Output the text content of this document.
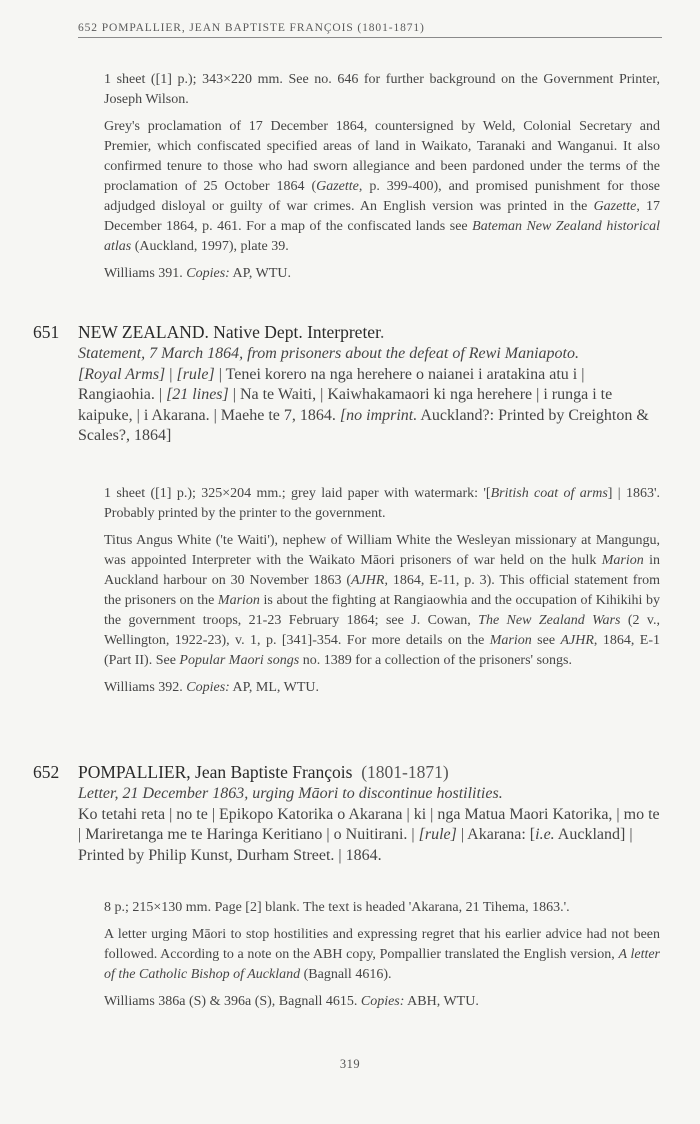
652 POMPALLIER, JEAN BAPTISTE FRANÇOIS (1801-1871)

1 sheet ([1] p.); 343×220 mm. See no. 646 for further background on the Government Printer, Joseph Wilson.

Grey's proclamation of 17 December 1864, countersigned by Weld, Colonial Secretary and Premier, which confiscated specified areas of land in Waikato, Taranaki and Wanganui. It also confirmed tenure to those who had sworn allegiance and been pardoned under the terms of the proclamation of 25 October 1864 (Gazette, p. 399-400), and promised punishment for those adjudged disloyal or guilty of war crimes. An English version was printed in the Gazette, 17 December 1864, p. 461. For a map of the confiscated lands see Bateman New Zealand historical atlas (Auckland, 1997), plate 39.

Williams 391. Copies: AP, WTU.

651 NEW ZEALAND. Native Dept. Interpreter.

Statement, 7 March 1864, from prisoners about the defeat of Rewi Maniapoto.

[Royal Arms] | [rule] | Tenei korero na nga herehere o naianei i aratakina atu i | Rangiaohia. | [21 lines] | Na te Waiti, | Kaiwhakamaori ki nga herehere | i runga i te kaipuke, | i Akarana. | Maehe te 7, 1864. [no imprint. Auckland?: Printed by Creighton & Scales?, 1864]

1 sheet ([1] p.); 325×204 mm.; grey laid paper with watermark: '[British coat of arms] | 1863'. Probably printed by the printer to the government.

Titus Angus White ('te Waiti'), nephew of William White the Wesleyan missionary at Mangungu, was appointed Interpreter with the Waikato Māori prisoners of war held on the hulk Marion in Auckland harbour on 30 November 1863 (AJHR, 1864, E-11, p. 3). This official statement from the prisoners on the Marion is about the fighting at Rangiaowhia and the occupation of Kihikihi by the government troops, 21-23 February 1864; see J. Cowan, The New Zealand Wars (2 v., Wellington, 1922-23), v. 1, p. [341]-354. For more details on the Marion see AJHR, 1864, E-1 (Part II). See Popular Maori songs no. 1389 for a collection of the prisoners' songs.

Williams 392. Copies: AP, ML, WTU.

652 POMPALLIER, Jean Baptiste François (1801-1871)

Letter, 21 December 1863, urging Māori to discontinue hostilities.

Ko tetahi reta | no te | Epikopo Katorika o Akarana | ki | nga Matua Maori Katorika, | mo te | Mariretanga me te Haringa Keritiano | o Nuitirani. | [rule] | Akarana: [i.e. Auckland] | Printed by Philip Kunst, Durham Street. | 1864.

8 p.; 215×130 mm. Page [2] blank. The text is headed 'Akarana, 21 Tihema, 1863.'.

A letter urging Māori to stop hostilities and expressing regret that his earlier advice had not been followed. According to a note on the ABH copy, Pompallier translated the English version, A letter of the Catholic Bishop of Auckland (Bagnall 4616).

Williams 386a (S) & 396a (S), Bagnall 4615. Copies: ABH, WTU.

319
